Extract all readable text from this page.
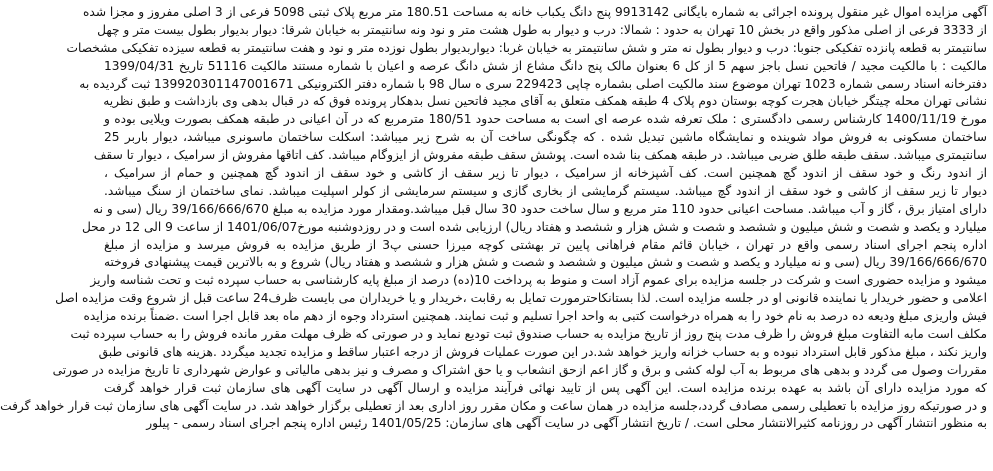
آگهی مزایده اموال غیر منقول پرونده اجرائی به شماره بایگانی 9913142 پنج دانگ یکباب خانه به مساحت 180.51 متر مربع پلاک ثبتی 5098 فرعی از 3 اصلی مفروز و مجزا شده
از 3333 فرعی از اصلی مذکور واقع در بخش 10 تهران به حدود : شمالا: درب و دیوار به طول هشت متر و نود ونه سانتیمتر به خیابان شرقا: دیوار بدیوار بطول بیست متر و چهل
سانتیمتر به قطعه پانزده تفکیکی جنوبا: درب و دیوار بطول نه متر و شش سانتیمتر به خیابان غربا: دیواربدیوار بطول نوزده متر و نود و هفت سانتیمتر به قطعه سیزده تفکیکی مشخصات
مالکیت : با مالکیت مجید / فاتحین نسل باجز سهم 5 از کل 6 بعنوان مالک پنج دانگ مشاع از شش دانگ عرصه و اعیان با شماره مستند مالکیت 51116 تاریخ 1399/04/31
دفترخانه اسناد رسمی شماره 1023 تهران موضوع سند مالکیت اصلی بشماره چاپی 229423 سری ه سال 98 با شماره دفتر الکترونیکی 139920301147001671 ثبت گردیده به
نشانی تهران محله چیتگر خیابان هجرت کوچه بوستان دوم پلاک 4 طبقه همکف متعلق به آقای مجید فاتحین نسل بدهکار پرونده فوق که در قبال بدهی وی بازداشت و طبق نظریه
مورخ 1400/11/19 کارشناس رسمی دادگستری : ملک تعرفه شده عرصه ای است به مساحت حدود 180/51 مترمربع که در آن اعیانی در طبقه همکف بصورت ویلایی بوده و
ساختمان مسکونی به فروش مواد شوینده و نمایشگاه ماشین تبدیل شده . که چگونگی ساخت آن به شرح زیر میباشد: اسکلت ساختمان ماسونری میباشد، دیوار باربر 25
سانتیمتری میباشد. سقف طبقه طلق ضربی میباشد. در طبقه همکف بنا شده است. پوشش سقف طبقه مفروش از ایزوگام میباشد. کف اتاقها مفروش از سرامیک ، دیوار تا سقف
از اندود رنگ و خود سقف از اندود گچ همچنین است. کف آشپزخانه از سرامیک ، دیوار تا زیر سقف از کاشی و خود سقف از اندود گچ همچنین و حمام از سرامیک ،
دیوار تا زیر سقف از کاشی و خود سقف از اندود گچ میباشد. سیستم گرمایشی از بخاری گازی و سیستم سرمایشی از کولر اسپلیت میباشد. نمای ساختمان از سنگ میباشد.
دارای امتیاز برق ، گاز و آب میباشد. مساحت اعیانی حدود 110 متر مربع و سال ساخت حدود 30 سال قبل میباشد.ومقدار مورد مزایده به مبلغ 39/166/666/670 ریال (سی و نه
میلیارد و یکصد و شصت و شش میلیون و ششصد و شصت و شش هزار و ششصد و هفتاد ریال) ارزیابی شده است و در روزدوشنبه مورخ1401/06/07 از ساعت 9 الی 12 در محل
اداره پنجم اجرای اسناد رسمی واقع در تهران ، خیابان قائم مقام فراهانی پایین تر بهشتی کوچه میرزا حسنی پ3 از طریق مزایده به فروش میرسد و مزایده از مبلغ
39/166/666/670 ریال (سی و نه میلیارد و یکصد و شصت و شش میلیون و ششصد و شصت و شش هزار و ششصد و هفتاد ریال) شروع و به بالاترین قیمت پیشنهادی فروخته
میشود و مزایده حضوری است و شرکت در جلسه مزایده برای عموم آزاد است و منوط به پرداخت 10(ده) درصد از مبلغ پایه کارشناسی به حساب سپرده ثبت و تحت شناسه واریز
اعلامی و حضور خریدار یا نماینده قانونی او در جلسه مزایده است. لذا بستانکاحترمورت تمایل به رقابت ،خریدار و یا خریداران می بایست ظرف24 ساعت قبل از شروع وقت مزایده اصل
فیش واریزی مبلغ ودیعه ده درصد به نام خود را به همراه درخواست کتبی به واحد اجرا تسلیم و ثبت نمایند. همچنین استرداد وجوه از دهم ماه بعد قابل اجرا است .ضمناً برنده مزایده
مکلف است مابه التفاوت مبلغ فروش را ظرف مدت پنج روز از تاریخ مزایده به حساب صندوق ثبت تودیع نماید و در صورتی که ظرف مهلت مقرر مانده فروش را به حساب سپرده ثبت
واریز نکند ، مبلغ مذکور قابل استرداد نبوده و به حساب خزانه واریز خواهد شد.در این صورت عملیات فروش از درجه اعتبار ساقط و مزایده تجدید میگردد .هزینه های قانونی طبق
مقررات وصول می گردد و بدهی های مربوط به آب لوله کشی و برق و گاز اعم ازحق انشعاب و یا حق اشتراک و مصرف و نیز بدهی مالیاتی و عوارض شهرداری تا تاریخ مزایده در صورتی
که مورد مزایده دارای آن باشد به عهده برنده مزایده است. این آگهی پس از تایید نهائی فرآیند مزایده و ارسال آگهی در سایت آگهی های سازمان ثبت قرار خواهد گرفت
و در صورتیکه روز مزایده با تعطیلی رسمی مصادف گردد،جلسه مزایده در همان ساعت و مکان مقرر روز اداری بعد از تعطیلی برگزار خواهد شد. در سایت آگهی های سازمان ثبت قرار خواهد گرفت
به منظور انتشار آگهی در روزنامه کثیرالانتشار محلی است. / تاریخ انتشار آگهی در سایت آگهی های سازمان: 1401/05/25 رئیس اداره پنجم اجرای اسناد رسمی - پیلور
